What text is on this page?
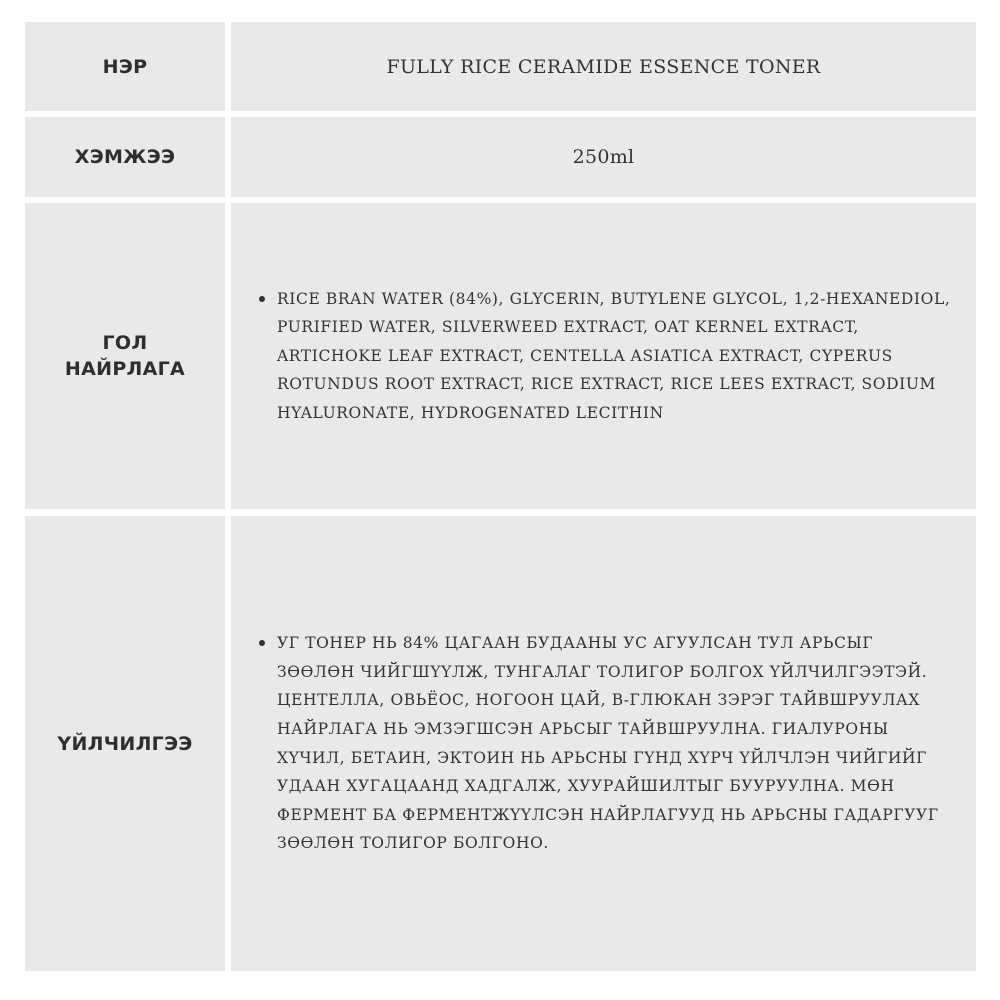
НЭР	FULLY RICE CERAMIDE ESSENCE TONER
ХЭМЖЭЭ	250ml
ГОЛ НАЙРЛАГА
RICE BRAN WATER (84%), GLYCERIN, BUTYLENE GLYCOL, 1,2-HEXANEDIOL, PURIFIED WATER, SILVERWEED EXTRACT, OAT KERNEL EXTRACT, ARTICHOKE LEAF EXTRACT, CENTELLA ASIATICA EXTRACT, CYPERUS ROTUNDUS ROOT EXTRACT, RICE EXTRACT, RICE LEES EXTRACT, SODIUM HYALURONATE, HYDROGENATED LECITHIN
ҮЙЛЧИЛГЭЭ
УГ ТОНЕР НЬ 84% ЦАГААН БУДААНЫ УС АГУУЛСАН ТУЛ АРЬСЫГ ЗӨӨЛӨН ЧИЙГШҮҮЛЖ, ТУНГАЛАГ ТОЛИГОР БОЛГОХ ҮЙЛЧИЛГЭЭТЭЙ. ЦЕНТЕЛЛА, ОВЬЁОС, НОГООН ЦАЙ, В-ГЛЮКАН ЗЭРЭГ ТАЙВШРУУЛАХ НАЙРЛАГА НЬ ЭМЗЭГШСЭН АРЬСЫГ ТАЙВШРУУЛНА. ГИАЛУРОНЫ ХҮЧИЛ, БЕТАИН, ЭКТОИН НЬ АРЬСНЫ ГҮНД ХҮРЧ ҮЙЛЧЛЭН ЧИЙГИЙГ УДААН ХУГАЦААНД ХАДГАЛЖ, ХУУРАЙШИЛТЫГ БУУРУУЛНА. МӨН ФЕРМЕНТ БА ФЕРМЕНТЖҮҮЛСЭН НАЙРЛАГУУД НЬ АРЬСНЫ ГАДАРГУУГ ЗӨӨЛӨН ТОЛИГОР БОЛГОНО.
